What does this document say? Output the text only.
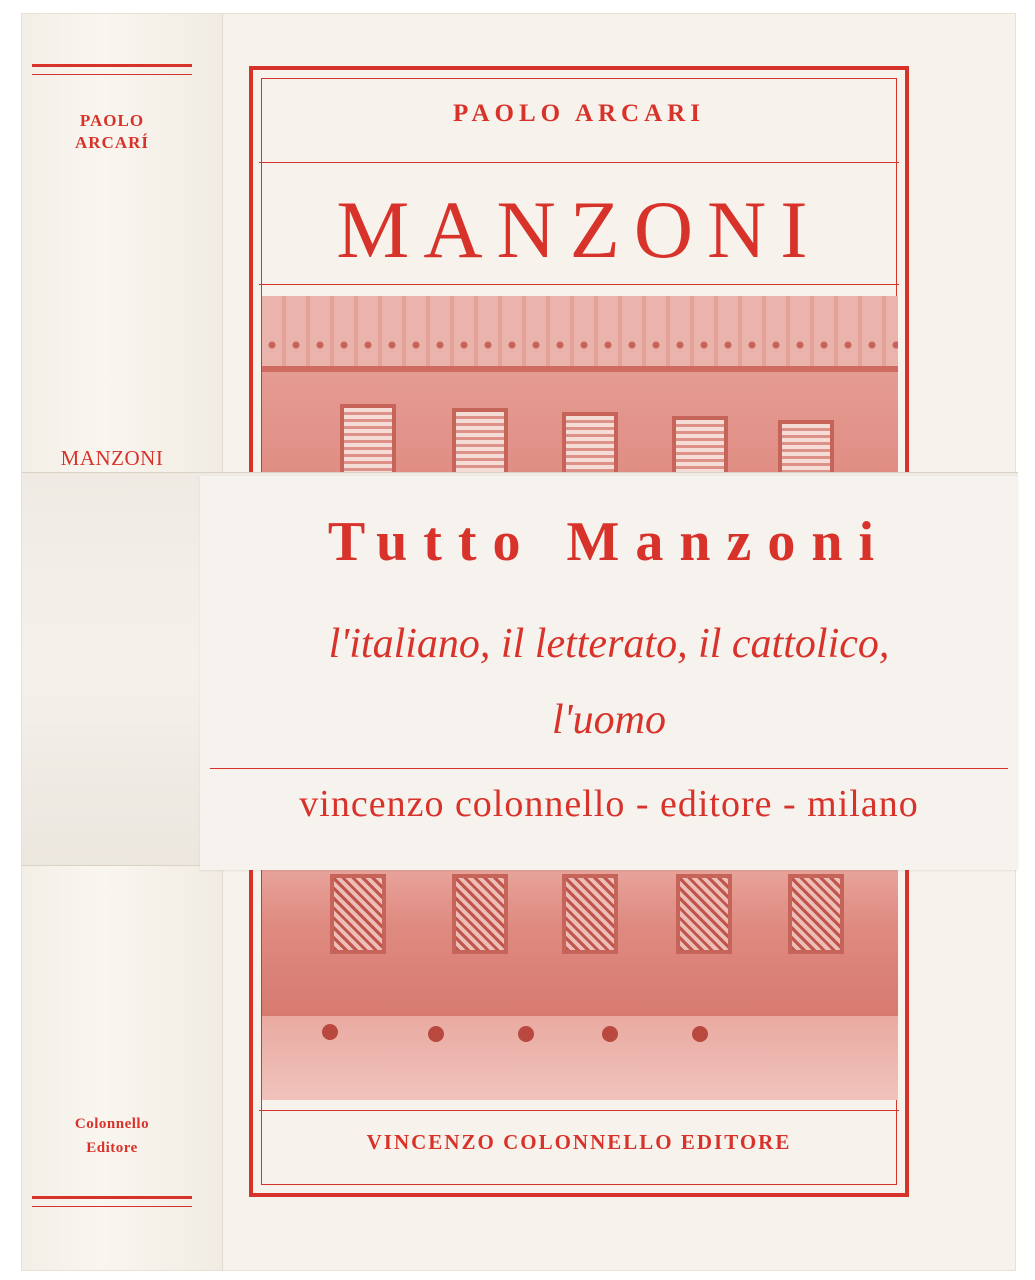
PAOLO
ARCARÍ
MANZONI
Colonnello
Editore
PAOLO ARCARI
MANZONI
VINCENZO COLONNELLO EDITORE
Tutto Manzoni
l'italiano, il letterato, il cattolico,
l'uomo
vincenzo colonnello - editore - milano
